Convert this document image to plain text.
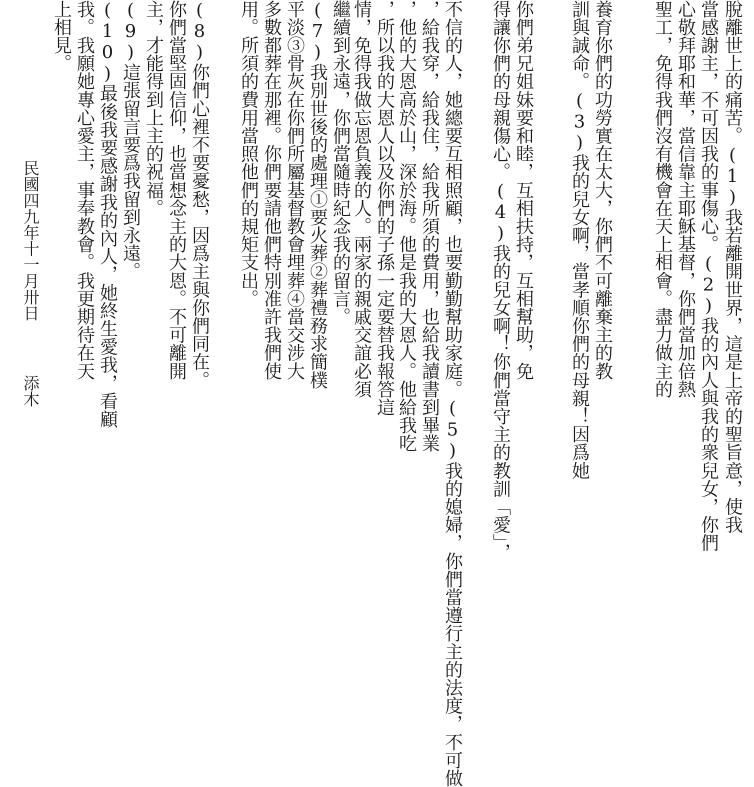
脫離世上的痛苦。(1)我若離開世界，這是上帝的聖旨意，使我
當感謝主，不可因我的事傷心。(2)我的內人與我的衆兒女，你們
心敬拜耶和華，當信靠主耶穌基督，你們當加倍熱
聖工，免得我們沒有機會在天上相會。盡力做主的
養育你們的功勞實在太大，你們不可離棄主的教
訓與誠命。(3)我的兒女啊，當孝順你們的母親！因爲她
你們弟兄姐妹要和睦，互相扶持，互相幫助，免
得讓你們的母親傷心。(4)我的兒女啊！你們當守主的教訓「愛」，
不信的人，她總要互相照顧，也要勤勤幫助家庭。(5)我的媳婦，你們當遵行主的法度，不可做
，給我穿，給我住，給我所須的費用，也給我讀書到畢業
，他的大恩高於山，深於海。他是我的大恩人。他給我吃
，所以我的大恩人以及你們的子孫一定要替我報答這
情，免得我做忘恩負義的人。兩家的親戚交誼必須
繼續到永遠，你們當隨時紀念我的留言。
(7)我別世後的處理①要火葬②葬禮務求簡樸
平淡③骨灰在你們所屬基督教會埋葬④當交涉大
多數都葬在那裡。你們要請他們特別准許我們使
用。所須的費用當照他們的規矩支出。
(8)你們心裡不要憂愁，因爲主與你們同在。
你們當堅固信仰，也當想念主的大恩。不可離開
主，才能得到上主的祝福。
(9)這張留言要爲我留到永遠。
(10)最後我要感謝我的內人，她終生愛我，看顧
我。我願她專心愛主，事奉教會。我更期待在天
上相見。
民國四九年十一月卅日
添木
